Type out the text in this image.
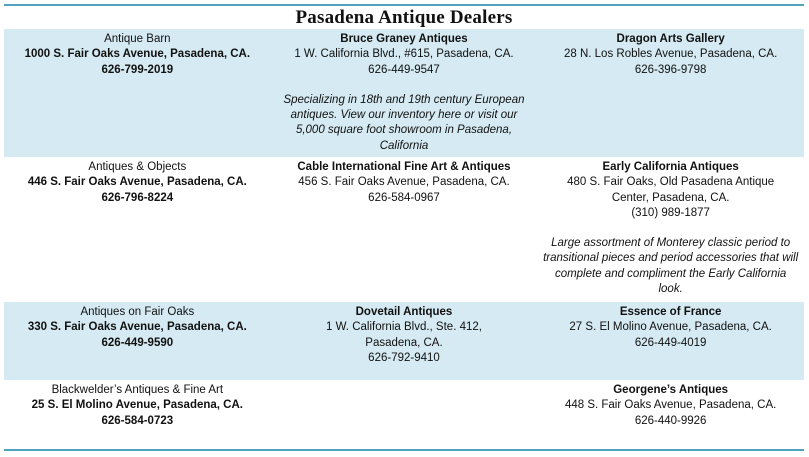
Pasadena Antique Dealers
Antique Barn
1000 S. Fair Oaks Avenue, Pasadena, CA.
626-799-2019
Bruce Graney Antiques
1 W. California Blvd., #615, Pasadena, CA.
626-449-9547
Specializing in 18th and 19th century European antiques. View our inventory here or visit our 5,000 square foot showroom in Pasadena, California
Dragon Arts Gallery
28 N. Los Robles Avenue, Pasadena, CA.
626-396-9798
Antiques & Objects
446 S. Fair Oaks Avenue, Pasadena, CA.
626-796-8224
Cable International Fine Art & Antiques
456 S. Fair Oaks Avenue, Pasadena, CA.
626-584-0967
Early California Antiques
480 S. Fair Oaks, Old Pasadena Antique Center, Pasadena, CA.
(310) 989-1877
Large assortment of Monterey classic period to transitional pieces and period accessories that will complete and compliment the Early California look.
Antiques on Fair Oaks
330 S. Fair Oaks Avenue, Pasadena, CA.
626-449-9590
Dovetail Antiques
1 W. California Blvd., Ste. 412, Pasadena, CA.
626-792-9410
Essence of France
27 S. El Molino Avenue, Pasadena, CA.
626-449-4019
Blackwelder’s Antiques & Fine Art
25 S. El Molino Avenue, Pasadena, CA.
626-584-0723
Georgene’s Antiques
448 S. Fair Oaks Avenue, Pasadena, CA.
626-440-9926
